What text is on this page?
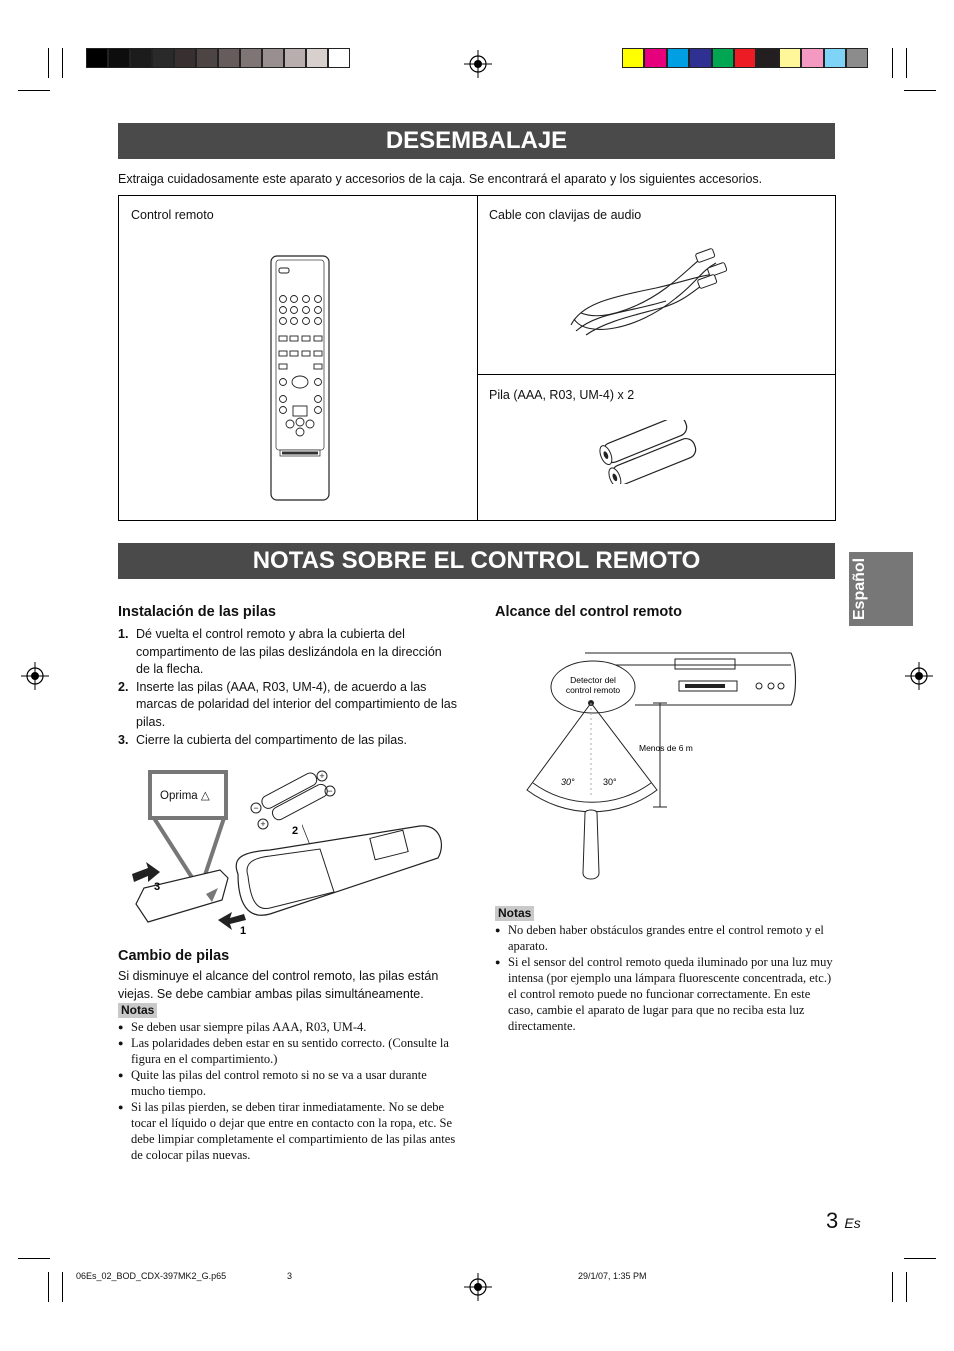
DESEMBALAJE
Extraiga cuidadosamente este aparato y accesorios de la caja. Se encontrará el aparato y los siguientes accesorios.
Control remoto	Cable con clavijas de audio
Pila (AAA, R03, UM-4) x 2
NOTAS SOBRE EL CONTROL REMOTO	Español
Instalación de las pilas
1. Dé vuelta el control remoto y abra la cubierta del compartimento de las pilas deslizándola en la dirección de la flecha.
2. Inserte las pilas (AAA, R03, UM-4), de acuerdo a las marcas de polaridad del interior del compartimiento de las pilas.
3. Cierre la cubierta del compartimento de las pilas.
Oprima △
+
−
−
+
2
3
1
Cambio de pilas
Si disminuye el alcance del control remoto, las pilas están viejas. Se debe cambiar ambas pilas simultáneamente.
Notas
● Se deben usar siempre pilas AAA, R03, UM-4.
● Las polaridades deben estar en su sentido correcto. (Consulte la figura en el compartimiento.)
● Quite las pilas del control remoto si no se va a usar durante mucho tiempo.
● Si las pilas pierden, se deben tirar inmediatamente. No se debe tocar el líquido o dejar que entre en contacto con la ropa, etc. Se debe limpiar completamente el compartimiento de las pilas antes de colocar pilas nuevas.
Alcance del control remoto
Detector del
control remoto
30°	30°
Menos de 6 m
Notas
● No deben haber obstáculos grandes entre el control remoto y el aparato.
● Si el sensor del control remoto queda iluminado por una luz muy intensa (por ejemplo una lámpara fluorescente concentrada, etc.) el control remoto puede no funcionar correctamente. En este caso, cambie el aparato de lugar para que no reciba esta luz directamente.
3 Es
06Es_02_BOD_CDX-397MK2_G.p65	3	29/1/07, 1:35 PM
